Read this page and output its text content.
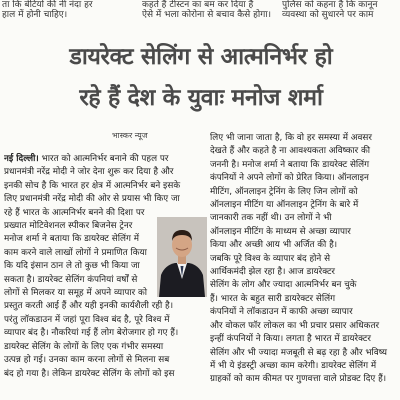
ता कि बेटियों की नी नंदा हर
हाल में होनी चाहिए।
कहते हैं टीस्टन का बम कर दिया है
ऐसे में भला कोरोना से बचाव कैसे होगा।
पुलिस को कहना है कि कानून
व्यवस्था को सुधारने पर काम
डायरेक्ट सेलिंग से आत्मनिर्भर हो
रहे हैं देश के युवाः मनोज शर्मा
भास्कर न्यूज
नई दिल्ली। भारत को आत्मनिर्भर बनाने की पहल पर
प्रधानमंत्री नरेंद्र मोदी ने जोर देना शुरू कर दिया है और
इनकी सोच है कि भारत हर क्षेत्र में आत्मनिर्भर बने इसके
लिए प्रधानमंत्री नरेंद्र मोदी की ओर से प्रयास भी किए जा
रहे हैं भारत के आत्मनिर्भर बनने की दिशा पर
प्रख्यात मोटिवेशनल स्पीकर बिजनेस ट्रेनर
मनोज शर्मा ने बताया कि डायरेक्ट सेलिंग में
काम करने वाले लाखों लोगों ने प्रमाणित किया
कि यदि इंसान ठान ले तो कुछ भी किया जा
सकता है। डायरेक्ट सेलिंग कंपनियां वर्षों से
लोगों से मिलकर या समूह में अपने व्यापार को
प्रस्तुत करती आई हैं और यही इनकी कार्यशैली रही है।
परंतु लॉकडाउन में जहां पूरा विश्व बंद है, पूरे विश्व में
व्यापार बंद है। नौकरियां गई हैं लोग बेरोजगार हो गए हैं।
डायरेक्ट सेलिंग के लोगों के लिए एक गंभीर समस्या
उत्पन्न हो गई। उनका काम करना लोगों से मिलना सब
बंद हो गया है। लेकिन डायरेक्ट सेलिंग के लोगों को इस
लिए भी जाना जाता है, कि वो हर समस्या में अवसर
देखते हैं और कहते है ना आवश्यकता अविष्कार की
जननी है। मनोज शर्मा ने बताया कि डायरेक्ट सेलिंग
कंपनियों ने अपने लोगों को प्रेरित किया। ऑनलाइन
मीटिंग, ऑनलाइन ट्रेनिंग के लिए जिन लोगों को
ऑनलाइन मीटिंग या ऑनलाइन ट्रेनिंग के बारे में
जानकारी तक नहीं थी। उन लोगों ने भी
ऑनलाइन मीटिंग के माध्यम से अच्छा व्यापार
किया और अच्छी आय भी अर्जित की है।
जबकि पूरे विश्व के व्यापार बंद होने से
आर्थिकमंदी झेल रहा है। आज डायरेक्टर
सेलिंग के लोग और ज्यादा आत्मनिर्भर बन चुके
हैं। भारत के बहुत सारी डायरेक्टर सेलिंग
कंपनियों ने लॉकडाउन में काफी अच्छा व्यापार
और वोकल फॉर लोकल का भी प्रचार प्रसार अधिकतर
इन्हीं कंपनियों ने किया। लगता है भारत में डायरेक्टर
सेलिंग और भी ज्यादा मजबूती से बढ़ रहा है और भविष्य
में भी ये इंडस्ट्री अच्छा काम करेगी। डायरेक्ट सेलिंग में
ग्राहकों को काम कीमत पर गुणवत्ता वाले प्रोडक्ट दिए हैं।
